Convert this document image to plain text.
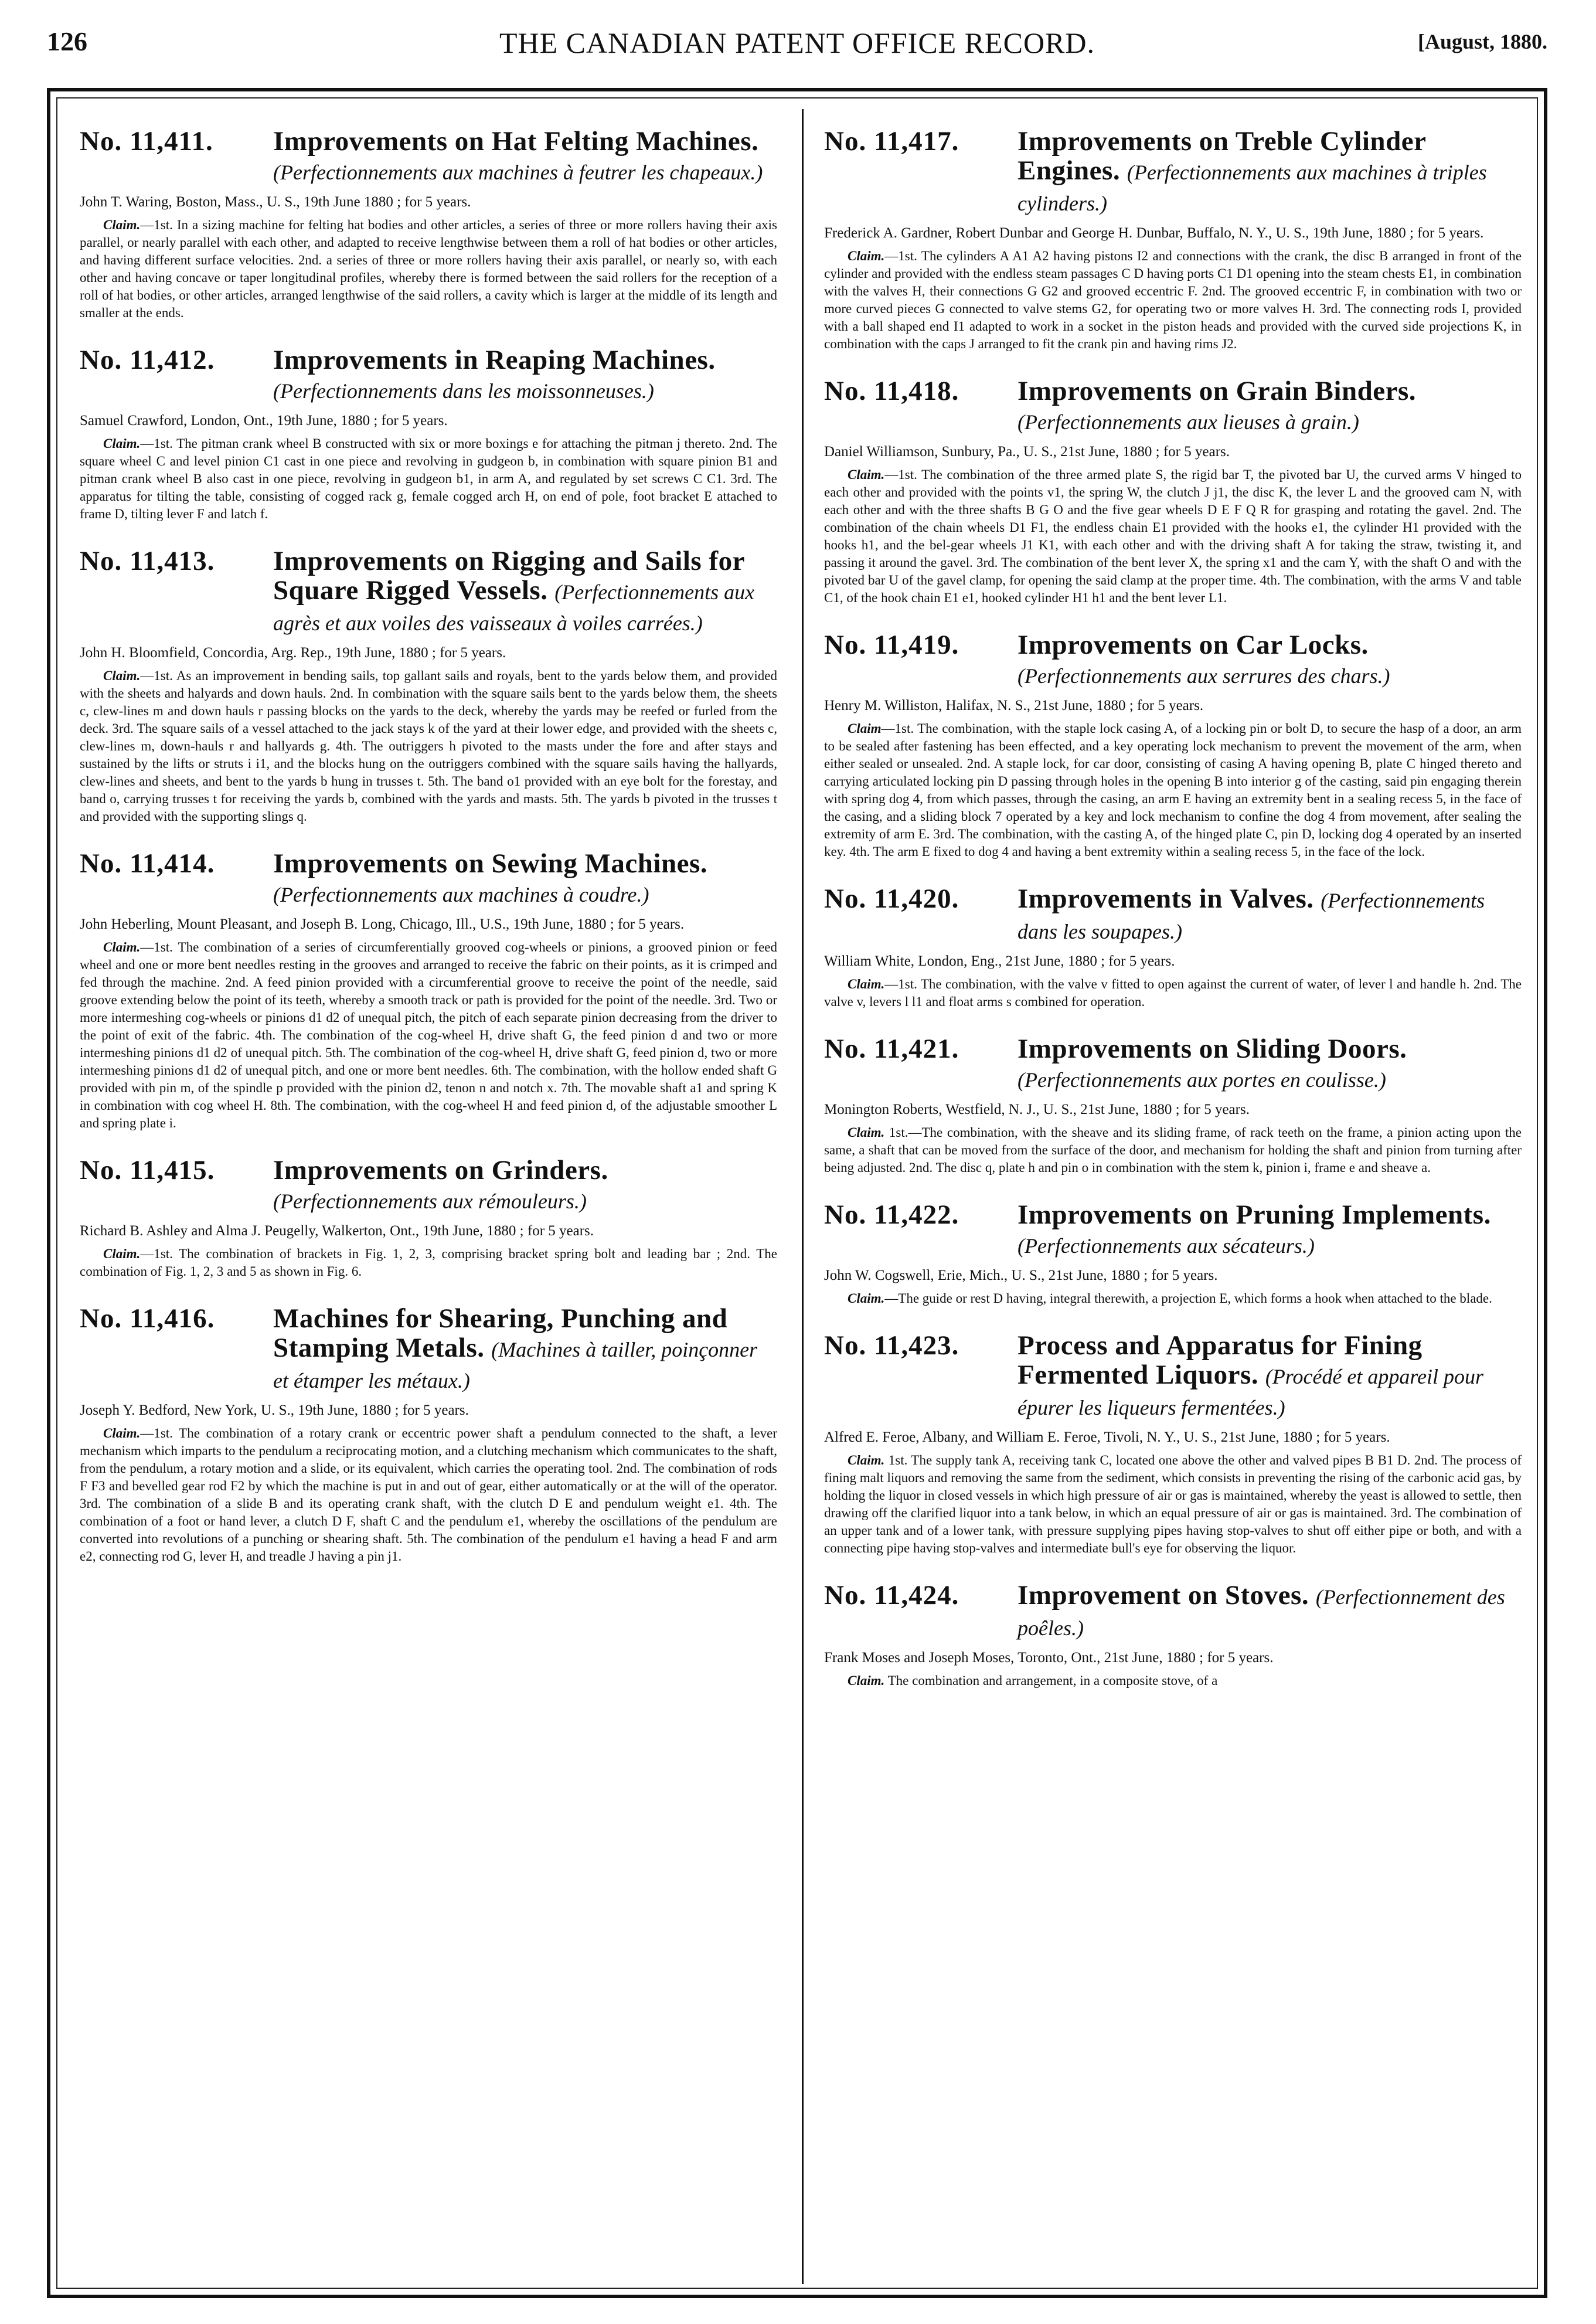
126	THE CANADIAN PATENT OFFICE RECORD.	[August, 1880.
No. 11,411. Improvements on Hat Felting Machines. (Perfectionnements aux machines à feutrer les chapeaux.)
John T. Waring, Boston, Mass., U. S., 19th June 1880 ; for 5 years.
Claim.—1st. In a sizing machine for felting hat bodies and other articles, a series of three or more rollers having their axis parallel, or nearly parallel with each other, and adapted to receive lengthwise between them a roll of hat bodies or other articles, and having different surface velocities. 2nd. a series of three or more rollers having their axis parallel, or nearly so, with each other and having concave or taper longitudinal profiles, whereby there is formed between the said rollers for the reception of a roll of hat bodies, or other articles, arranged lengthwise of the said rollers, a cavity which is larger at the middle of its length and smaller at the ends.
No. 11,412. Improvements in Reaping Machines. (Perfectionnements dans les moissonneuses.)
Samuel Crawford, London, Ont., 19th June, 1880 ; for 5 years.
Claim.—1st. The pitman crank wheel B constructed with six or more boxings e for attaching the pitman j thereto. 2nd. The square wheel C and level pinion C1 cast in one piece and revolving in gudgeon b, in combination with square pinion B1 and pitman crank wheel B also cast in one piece, revolving in gudgeon b1, in arm A, and regulated by set screws C C1. 3rd. The apparatus for tilting the table, consisting of cogged rack g, female cogged arch H, on end of pole, foot bracket E attached to frame D, tilting lever F and latch f.
No. 11,413. Improvements on Rigging and Sails for Square Rigged Vessels. (Perfectionnements aux agrès et aux voiles des vaisseaux à voiles carrées.)
John H. Bloomfield, Concordia, Arg. Rep., 19th June, 1880 ; for 5 years.
Claim.—1st. As an improvement in bending sails, top gallant sails and royals, bent to the yards below them, and provided with the sheets and halyards and down hauls. 2nd. In combination with the square sails bent to the yards below them, the sheets c, clew-lines m and down hauls r passing blocks on the yards to the deck, whereby the yards may be reefed or furled from the deck. 3rd. The square sails of a vessel attached to the jack stays k of the yard at their lower edge, and provided with the sheets c, clew-lines m, down-hauls r and hallyards g. 4th. The outriggers h pivoted to the masts under the fore and after stays and sustained by the lifts or struts i i1, and the blocks hung on the outriggers combined with the square sails having the hallyards, clew-lines and sheets, and bent to the yards b hung in trusses t. 5th. The band o1 provided with an eye bolt for the forestay, and band o, carrying trusses t for receiving the yards b, combined with the yards and masts. 5th. The yards b pivoted in the trusses t and provided with the supporting slings q.
No. 11,414. Improvements on Sewing Machines. (Perfectionnements aux machines à coudre.)
John Heberling, Mount Pleasant, and Joseph B. Long, Chicago, Ill., U.S., 19th June, 1880 ; for 5 years.
Claim.—1st. The combination of a series of circumferentially grooved cog-wheels or pinions, a grooved pinion or feed wheel and one or more bent needles resting in the grooves and arranged to receive the fabric on their points, as it is crimped and fed through the machine. 2nd. A feed pinion provided with a circumferential groove to receive the point of the needle, said groove extending below the point of its teeth, whereby a smooth track or path is provided for the point of the needle. 3rd. Two or more intermeshing cog-wheels or pinions d1 d2 of unequal pitch, the pitch of each separate pinion decreasing from the driver to the point of exit of the fabric. 4th. The combination of the cog-wheel H, drive shaft G, the feed pinion d and two or more intermeshing pinions d1 d2 of unequal pitch. 5th. The combination of the cog-wheel H, drive shaft G, feed pinion d, two or more intermeshing pinions d1 d2 of unequal pitch, and one or more bent needles. 6th. The combination, with the hollow ended shaft G provided with pin m, of the spindle p provided with the pinion d2, tenon n and notch x. 7th. The movable shaft a1 and spring K in combination with cog wheel H. 8th. The combination, with the cog-wheel H and feed pinion d, of the adjustable smoother L and spring plate i.
No. 11,415. Improvements on Grinders. (Perfectionnements aux rémouleurs.)
Richard B. Ashley and Alma J. Peugelly, Walkerton, Ont., 19th June, 1880 ; for 5 years.
Claim.—1st. The combination of brackets in Fig. 1, 2, 3, comprising bracket spring bolt and leading bar ; 2nd. The combination of Fig. 1, 2, 3 and 5 as shown in Fig. 6.
No. 11,416. Machines for Shearing, Punching and Stamping Metals. (Machines à tailler, poinçonner et étamper les métaux.)
Joseph Y. Bedford, New York, U. S., 19th June, 1880 ; for 5 years.
Claim.—1st. The combination of a rotary crank or eccentric power shaft a pendulum connected to the shaft, a lever mechanism which imparts to the pendulum a reciprocating motion, and a clutching mechanism which communicates to the shaft, from the pendulum, a rotary motion and a slide, or its equivalent, which carries the operating tool. 2nd. The combination of rods F F3 and bevelled gear rod F2 by which the machine is put in and out of gear, either automatically or at the will of the operator. 3rd. The combination of a slide B and its operating crank shaft, with the clutch D E and pendulum weight e1. 4th. The combination of a foot or hand lever, a clutch D F, shaft C and the pendulum e1, whereby the oscillations of the pendulum are converted into revolutions of a punching or shearing shaft. 5th. The combination of the pendulum e1 having a head F and arm e2, connecting rod G, lever H, and treadle J having a pin j1.
No. 11,417. Improvements on Treble Cylinder Engines. (Perfectionnements aux machines à triples cylinders.)
Frederick A. Gardner, Robert Dunbar and George H. Dunbar, Buffalo, N. Y., U. S., 19th June, 1880 ; for 5 years.
Claim.—1st. The cylinders A A1 A2 having pistons I2 and connections with the crank, the disc B arranged in front of the cylinder and provided with the endless steam passages C D having ports C1 D1 opening into the steam chests E1, in combination with the valves H, their connections G G2 and grooved eccentric F. 2nd. The grooved eccentric F, in combination with two or more curved pieces G connected to valve stems G2, for operating two or more valves H. 3rd. The connecting rods I, provided with a ball shaped end I1 adapted to work in a socket in the piston heads and provided with the curved side projections K, in combination with the caps J arranged to fit the crank pin and having rims J2.
No. 11,418. Improvements on Grain Binders. (Perfectionnements aux lieuses à grain.)
Daniel Williamson, Sunbury, Pa., U. S., 21st June, 1880 ; for 5 years.
Claim.—1st. The combination of the three armed plate S, the rigid bar T, the pivoted bar U, the curved arms V hinged to each other and provided with the points v1, the spring W, the clutch J j1, the disc K, the lever L and the grooved cam N, with each other and with the three shafts B G O and the five gear wheels D E F Q R for grasping and rotating the gavel. 2nd. The combination of the chain wheels D1 F1, the endless chain E1 provided with the hooks e1, the cylinder H1 provided with the hooks h1, and the bel-gear wheels J1 K1, with each other and with the driving shaft A for taking the straw, twisting it, and passing it around the gavel. 3rd. The combination of the bent lever X, the spring x1 and the cam Y, with the shaft O and with the pivoted bar U of the gavel clamp, for opening the said clamp at the proper time. 4th. The combination, with the arms V and table C1, of the hook chain E1 e1, hooked cylinder H1 h1 and the bent lever L1.
No. 11,419. Improvements on Car Locks. (Perfectionnements aux serrures des chars.)
Henry M. Williston, Halifax, N. S., 21st June, 1880 ; for 5 years.
Claim—1st. The combination, with the staple lock casing A, of a locking pin or bolt D, to secure the hasp of a door, an arm to be sealed after fastening has been effected, and a key operating lock mechanism to prevent the movement of the arm, when either sealed or unsealed. 2nd. A staple lock, for car door, consisting of casing A having opening B, plate C hinged thereto and carrying articulated locking pin D passing through holes in the opening B into interior g of the casting, said pin engaging therein with spring dog 4, from which passes, through the casing, an arm E having an extremity bent in a sealing recess 5, in the face of the casing, and a sliding block 7 operated by a key and lock mechanism to confine the dog 4 from movement, after sealing the extremity of arm E. 3rd. The combination, with the casting A, of the hinged plate C, pin D, locking dog 4 operated by an inserted key. 4th. The arm E fixed to dog 4 and having a bent extremity within a sealing recess 5, in the face of the lock.
No. 11,420. Improvements in Valves. (Perfectionnements dans les soupapes.)
William White, London, Eng., 21st June, 1880 ; for 5 years.
Claim.—1st. The combination, with the valve v fitted to open against the current of water, of lever l and handle h. 2nd. The valve v, levers l l1 and float arms s combined for operation.
No. 11,421. Improvements on Sliding Doors. (Perfectionnements aux portes en coulisse.)
Monington Roberts, Westfield, N. J., U. S., 21st June, 1880 ; for 5 years.
Claim. 1st.—The combination, with the sheave and its sliding frame, of rack teeth on the frame, a pinion acting upon the same, a shaft that can be moved from the surface of the door, and mechanism for holding the shaft and pinion from turning after being adjusted. 2nd. The disc q, plate h and pin o in combination with the stem k, pinion i, frame e and sheave a.
No. 11,422. Improvements on Pruning Implements. (Perfectionnements aux sécateurs.)
John W. Cogswell, Erie, Mich., U. S., 21st June, 1880 ; for 5 years.
Claim.—The guide or rest D having, integral therewith, a projection E, which forms a hook when attached to the blade.
No. 11,423. Process and Apparatus for Fining Fermented Liquors. (Procédé et appareil pour épurer les liqueurs fermentées.)
Alfred E. Feroe, Albany, and William E. Feroe, Tivoli, N. Y., U. S., 21st June, 1880 ; for 5 years.
Claim. 1st. The supply tank A, receiving tank C, located one above the other and valved pipes B B1 D. 2nd. The process of fining malt liquors and removing the same from the sediment, which consists in preventing the rising of the carbonic acid gas, by holding the liquor in closed vessels in which high pressure of air or gas is maintained, whereby the yeast is allowed to settle, then drawing off the clarified liquor into a tank below, in which an equal pressure of air or gas is maintained. 3rd. The combination of an upper tank and of a lower tank, with pressure supplying pipes having stop-valves to shut off either pipe or both, and with a connecting pipe having stop-valves and intermediate bull's eye for observing the liquor.
No. 11,424. Improvement on Stoves. (Perfectionnement des poêles.)
Frank Moses and Joseph Moses, Toronto, Ont., 21st June, 1880 ; for 5 years.
Claim. The combination and arrangement, in a composite stove, of a
